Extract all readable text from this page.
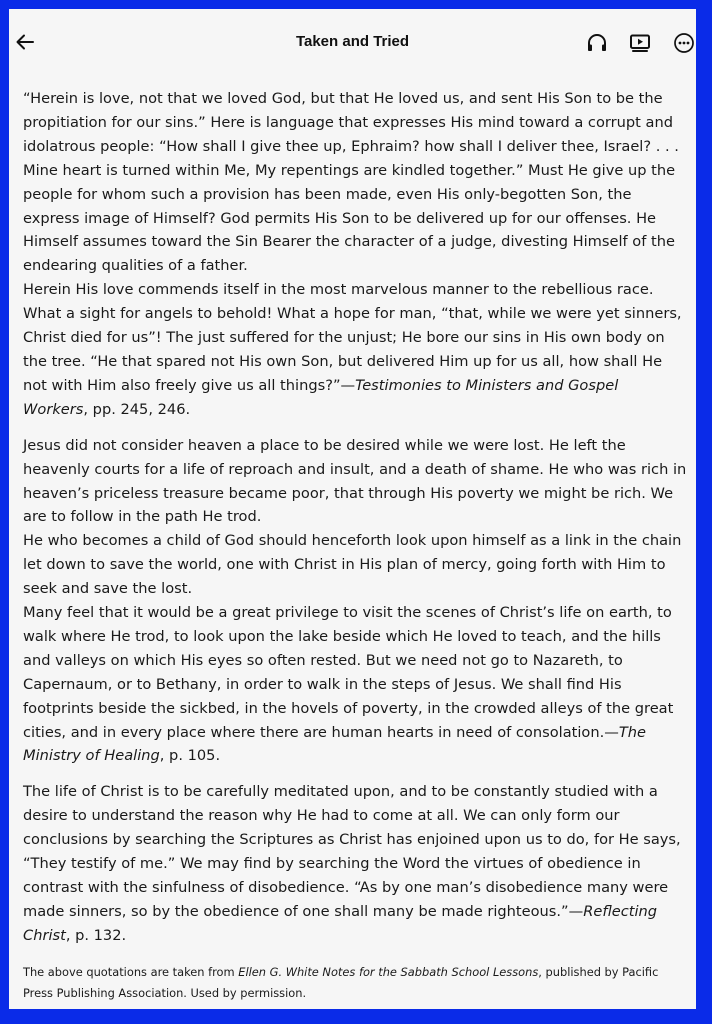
Taken and Tried

“Herein is love, not that we loved God, but that He loved us, and sent His Son to be the propitiation for our sins.” Here is language that expresses His mind toward a corrupt and idolatrous people: “How shall I give thee up, Ephraim? how shall I deliver thee, Israel? . . . Mine heart is turned within Me, My repentings are kindled together.” Must He give up the people for whom such a provision has been made, even His only-begotten Son, the express image of Himself? God permits His Son to be delivered up for our offenses. He Himself assumes toward the Sin Bearer the character of a judge, divesting Himself of the endearing qualities of a father.

Herein His love commends itself in the most marvelous manner to the rebellious race. What a sight for angels to behold! What a hope for man, “that, while we were yet sinners, Christ died for us”! The just suffered for the unjust; He bore our sins in His own body on the tree. “He that spared not His own Son, but delivered Him up for us all, how shall He not with Him also freely give us all things?”—Testimonies to Ministers and Gospel Workers, pp. 245, 246.

Jesus did not consider heaven a place to be desired while we were lost. He left the heavenly courts for a life of reproach and insult, and a death of shame. He who was rich in heaven’s priceless treasure became poor, that through His poverty we might be rich. We are to follow in the path He trod.

He who becomes a child of God should henceforth look upon himself as a link in the chain let down to save the world, one with Christ in His plan of mercy, going forth with Him to seek and save the lost.

Many feel that it would be a great privilege to visit the scenes of Christ’s life on earth, to walk where He trod, to look upon the lake beside which He loved to teach, and the hills and valleys on which His eyes so often rested. But we need not go to Nazareth, to Capernaum, or to Bethany, in order to walk in the steps of Jesus. We shall find His footprints beside the sickbed, in the hovels of poverty, in the crowded alleys of the great cities, and in every place where there are human hearts in need of consolation.—The Ministry of Healing, p. 105.

The life of Christ is to be carefully meditated upon, and to be constantly studied with a desire to understand the reason why He had to come at all. We can only form our conclusions by searching the Scriptures as Christ has enjoined upon us to do, for He says, “They testify of me.” We may find by searching the Word the virtues of obedience in contrast with the sinfulness of disobedience. “As by one man’s disobedience many were made sinners, so by the obedience of one shall many be made righteous.”—Reflecting Christ, p. 132.

The above quotations are taken from Ellen G. White Notes for the Sabbath School Lessons, published by Pacific Press Publishing Association. Used by permission.
